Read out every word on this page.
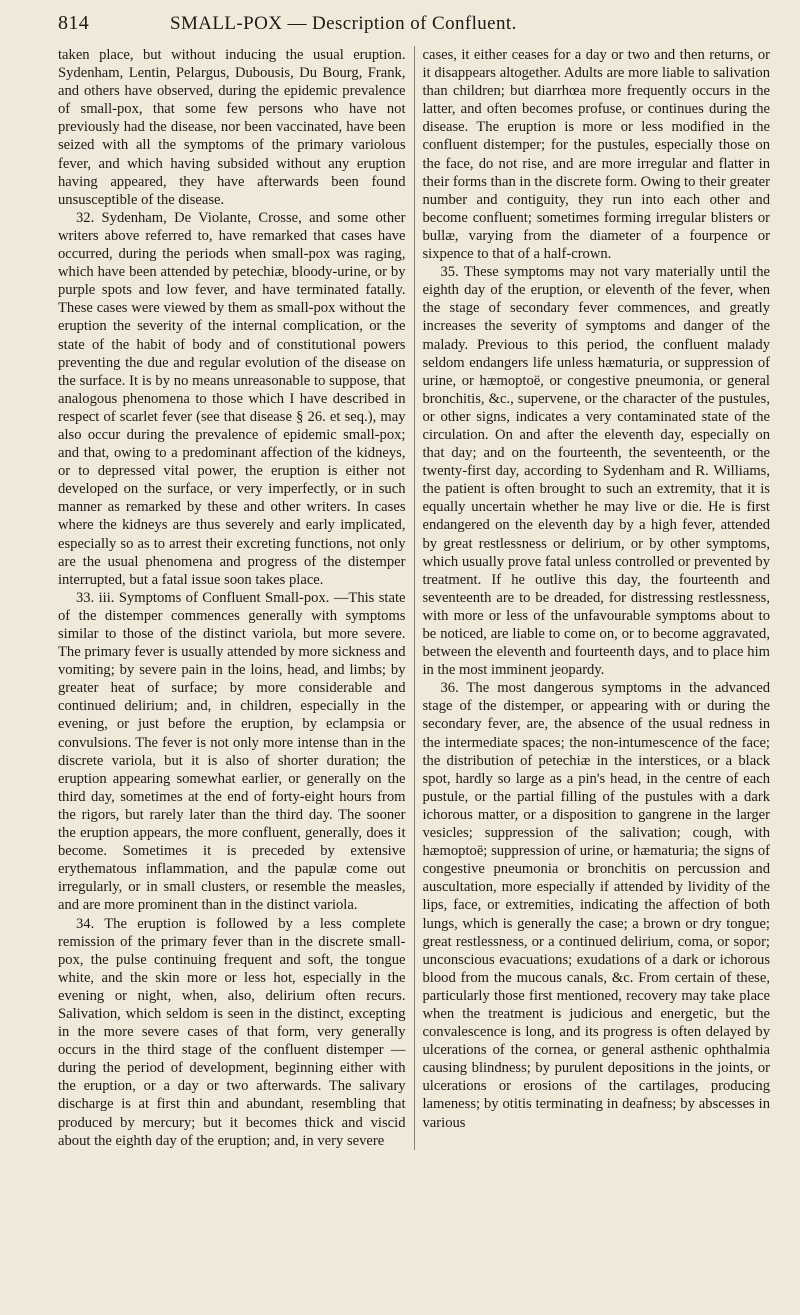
814	SMALL-POX — Description of Confluent.

taken place, but without inducing the usual eruption. Sydenham, Lentin, Pelargus, Dubousis, Du Bourg, Frank, and others have observed, during the epidemic prevalence of small-pox, that some few persons who have not previously had the disease, nor been vaccinated, have been seized with all the symptoms of the primary variolous fever, and which having subsided without any eruption having appeared, they have afterwards been found unsusceptible of the disease.

32. Sydenham, De Violante, Crosse, and some other writers above referred to, have remarked that cases have occurred, during the periods when small-pox was raging, which have been attended by petechiæ, bloody-urine, or by purple spots and low fever, and have terminated fatally. These cases were viewed by them as small-pox without the eruption the severity of the internal complication, or the state of the habit of body and of constitutional powers preventing the due and regular evolution of the disease on the surface. It is by no means unreasonable to suppose, that analogous phenomena to those which I have described in respect of scarlet fever (see that disease § 26. et seq.), may also occur during the prevalence of epidemic small-pox; and that, owing to a predominant affection of the kidneys, or to depressed vital power, the eruption is either not developed on the surface, or very imperfectly, or in such manner as remarked by these and other writers. In cases where the kidneys are thus severely and early implicated, especially so as to arrest their excreting functions, not only are the usual phenomena and progress of the distemper interrupted, but a fatal issue soon takes place.

33. iii. Symptoms of Confluent Small-pox. —This state of the distemper commences generally with symptoms similar to those of the distinct variola, but more severe. The primary fever is usually attended by more sickness and vomiting; by severe pain in the loins, head, and limbs; by greater heat of surface; by more considerable and continued delirium; and, in children, especially in the evening, or just before the eruption, by eclampsia or convulsions. The fever is not only more intense than in the discrete variola, but it is also of shorter duration; the eruption appearing somewhat earlier, or generally on the third day, sometimes at the end of forty-eight hours from the rigors, but rarely later than the third day. The sooner the eruption appears, the more confluent, generally, does it become. Sometimes it is preceded by extensive erythematous inflammation, and the papulæ come out irregularly, or in small clusters, or resemble the measles, and are more prominent than in the distinct variola.

34. The eruption is followed by a less complete remission of the primary fever than in the discrete small-pox, the pulse continuing frequent and soft, the tongue white, and the skin more or less hot, especially in the evening or night, when, also, delirium often recurs. Salivation, which seldom is seen in the distinct, excepting in the more severe cases of that form, very generally occurs in the third stage of the confluent distemper — during the period of development, beginning either with the eruption, or a day or two afterwards. The salivary discharge is at first thin and abundant, resembling that produced by mercury; but it becomes thick and viscid about the eighth day of the eruption; and, in very severe

cases, it either ceases for a day or two and then returns, or it disappears altogether. Adults are more liable to salivation than children; but diarrhœa more frequently occurs in the latter, and often becomes profuse, or continues during the disease. The eruption is more or less modified in the confluent distemper; for the pustules, especially those on the face, do not rise, and are more irregular and flatter in their forms than in the discrete form. Owing to their greater number and contiguity, they run into each other and become confluent; sometimes forming irregular blisters or bullæ, varying from the diameter of a fourpence or sixpence to that of a half-crown.

35. These symptoms may not vary materially until the eighth day of the eruption, or eleventh of the fever, when the stage of secondary fever commences, and greatly increases the severity of symptoms and danger of the malady. Previous to this period, the confluent malady seldom endangers life unless hæmaturia, or suppression of urine, or hæmoptoë, or congestive pneumonia, or general bronchitis, &c., supervene, or the character of the pustules, or other signs, indicates a very contaminated state of the circulation. On and after the eleventh day, especially on that day; and on the fourteenth, the seventeenth, or the twenty-first day, according to Sydenham and R. Williams, the patient is often brought to such an extremity, that it is equally uncertain whether he may live or die. He is first endangered on the eleventh day by a high fever, attended by great restlessness or delirium, or by other symptoms, which usually prove fatal unless controlled or prevented by treatment. If he outlive this day, the fourteenth and seventeenth are to be dreaded, for distressing restlessness, with more or less of the unfavourable symptoms about to be noticed, are liable to come on, or to become aggravated, between the eleventh and fourteenth days, and to place him in the most imminent jeopardy.

36. The most dangerous symptoms in the advanced stage of the distemper, or appearing with or during the secondary fever, are, the absence of the usual redness in the intermediate spaces; the non-intumescence of the face; the distribution of petechiæ in the interstices, or a black spot, hardly so large as a pin's head, in the centre of each pustule, or the partial filling of the pustules with a dark ichorous matter, or a disposition to gangrene in the larger vesicles; suppression of the salivation; cough, with hæmoptoë; suppression of urine, or hæmaturia; the signs of congestive pneumonia or bronchitis on percussion and auscultation, more especially if attended by lividity of the lips, face, or extremities, indicating the affection of both lungs, which is generally the case; a brown or dry tongue; great restlessness, or a continued delirium, coma, or sopor; unconscious evacuations; exudations of a dark or ichorous blood from the mucous canals, &c. From certain of these, particularly those first mentioned, recovery may take place when the treatment is judicious and energetic, but the convalescence is long, and its progress is often delayed by ulcerations of the cornea, or general asthenic ophthalmia causing blindness; by purulent depositions in the joints, or ulcerations or erosions of the cartilages, producing lameness; by otitis terminating in deafness; by abscesses in various
